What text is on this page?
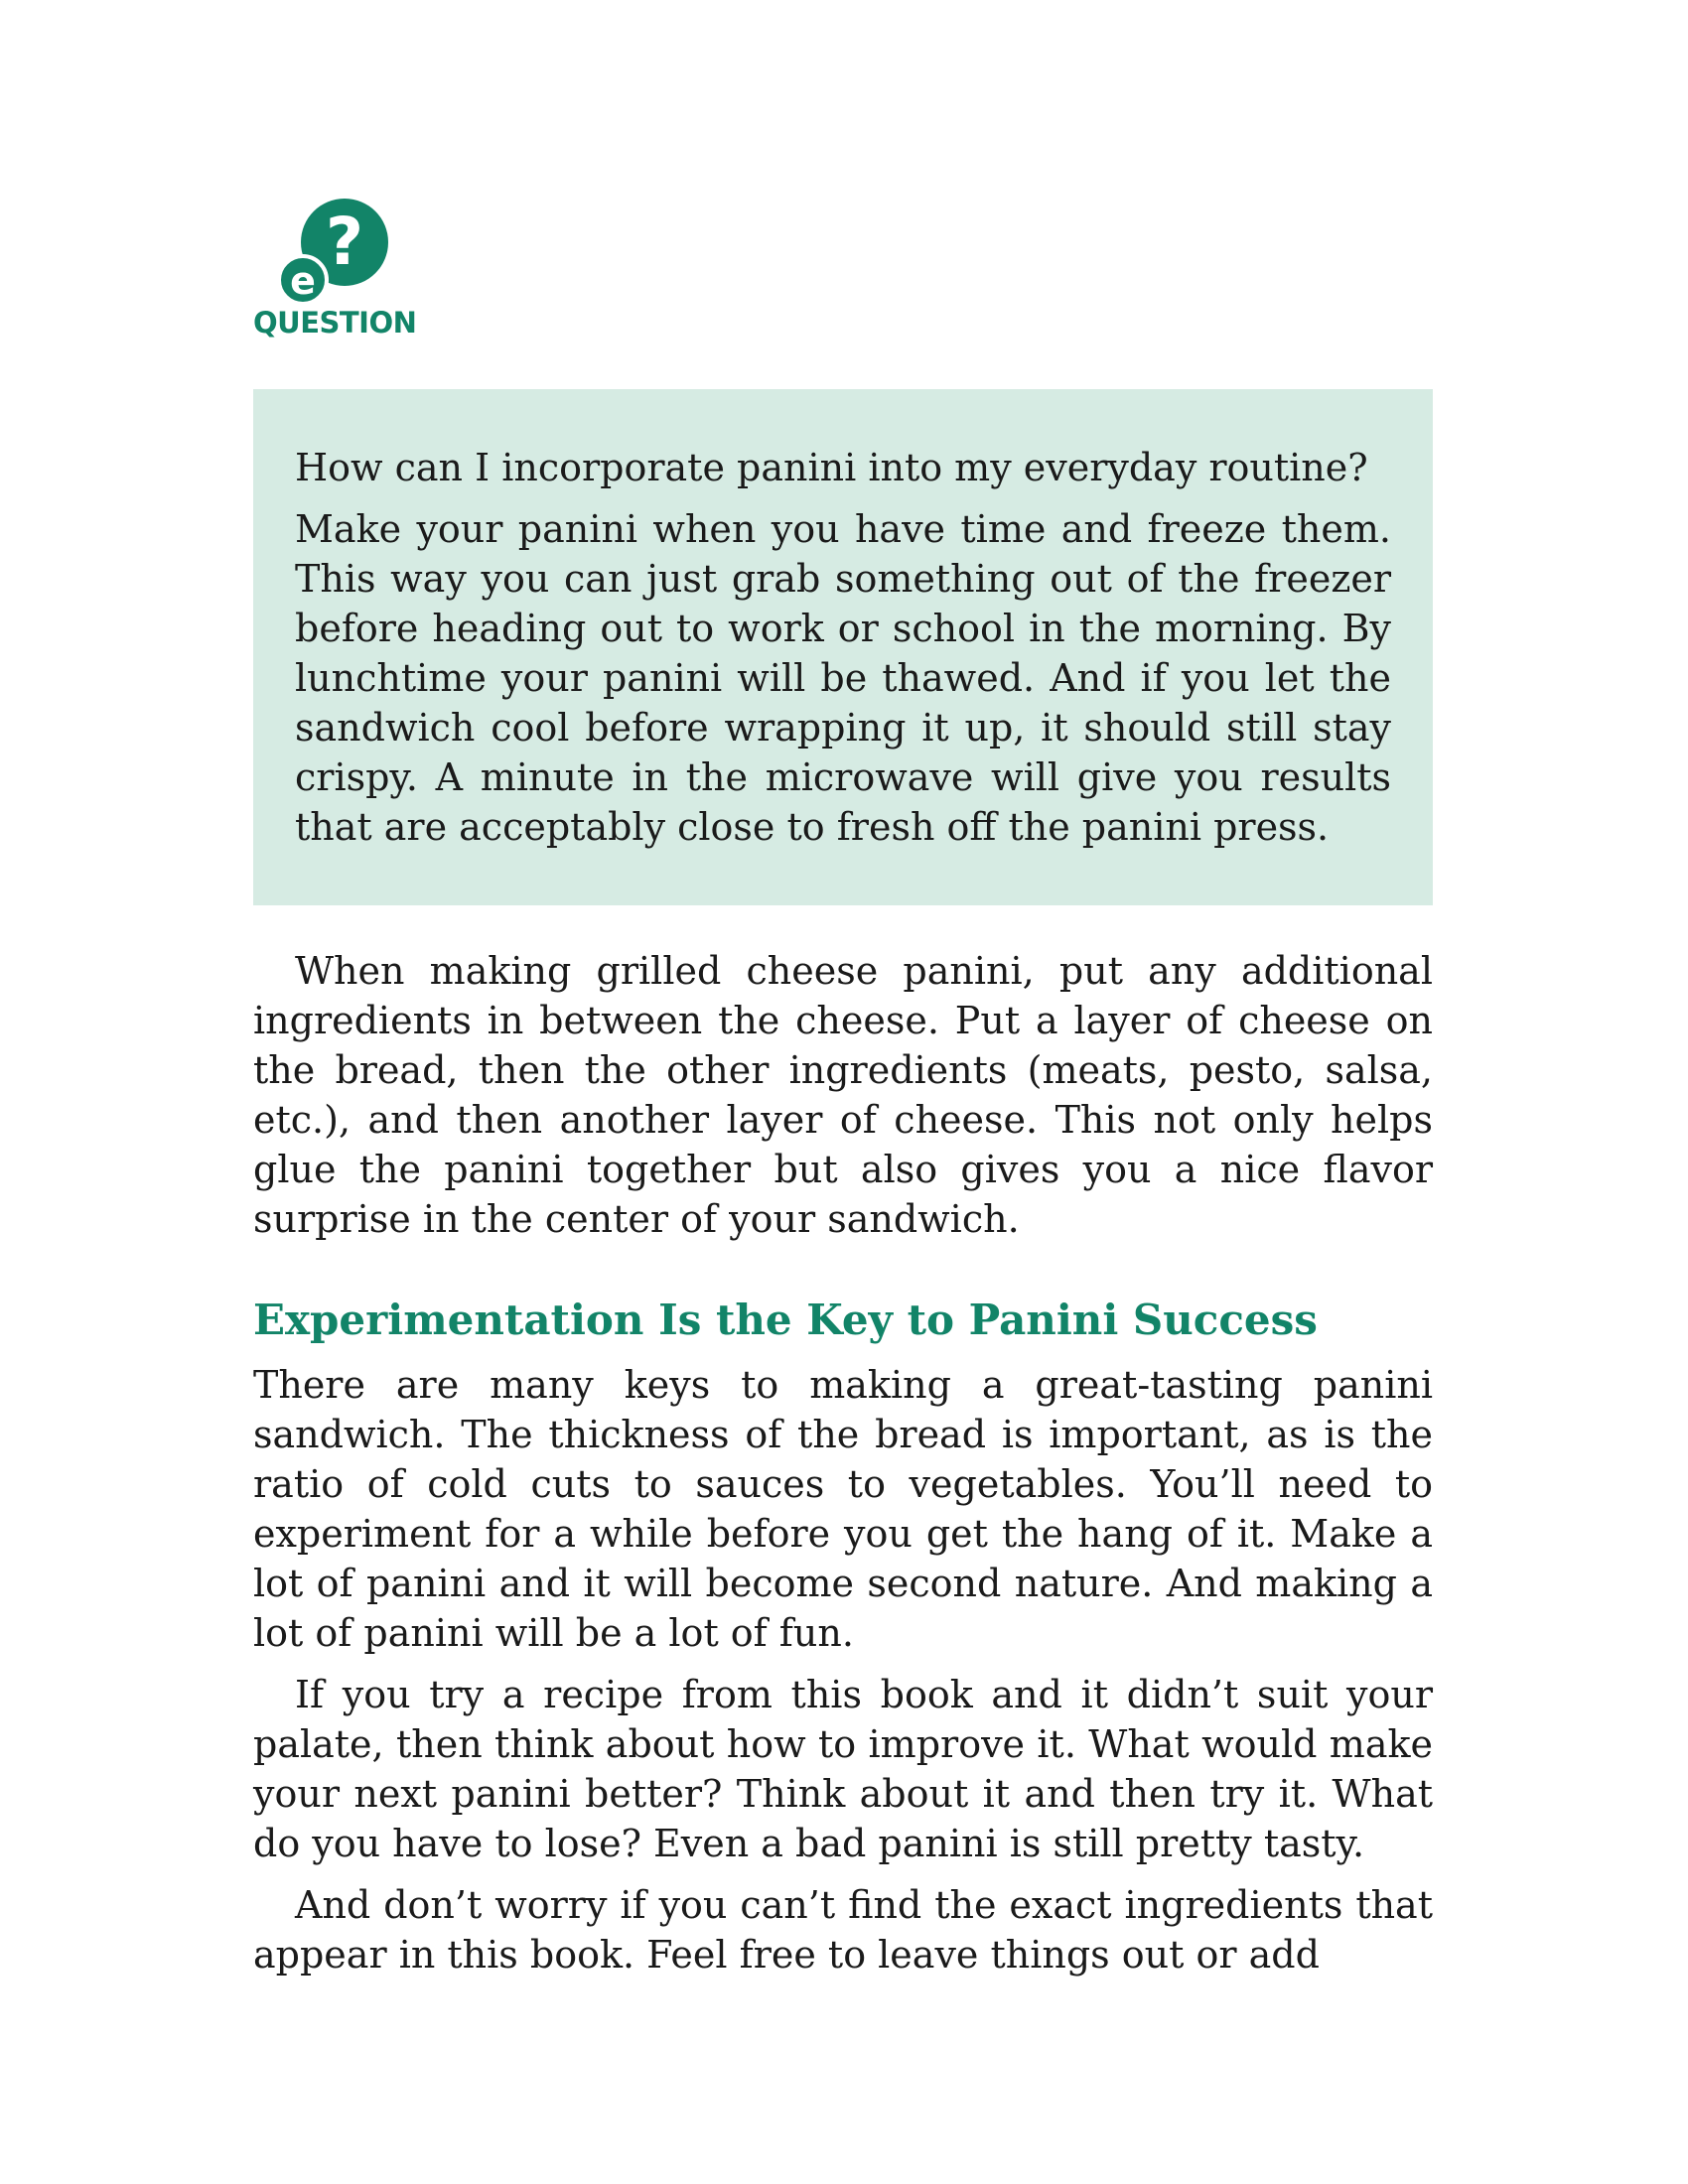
?
e
QUESTION

How can I incorporate panini into my everyday routine?

Make your panini when you have time and freeze them. This way you can just grab something out of the freezer before heading out to work or school in the morning. By lunchtime your panini will be thawed. And if you let the sandwich cool before wrapping it up, it should still stay crispy. A minute in the microwave will give you results that are acceptably close to fresh off the panini press.

When making grilled cheese panini, put any additional ingredients in between the cheese. Put a layer of cheese on the bread, then the other ingredients (meats, pesto, salsa, etc.), and then another layer of cheese. This not only helps glue the panini together but also gives you a nice flavor surprise in the center of your sandwich.

Experimentation Is the Key to Panini Success

There are many keys to making a great-tasting panini sandwich. The thickness of the bread is important, as is the ratio of cold cuts to sauces to vegetables. You’ll need to experiment for a while before you get the hang of it. Make a lot of panini and it will become second nature. And making a lot of panini will be a lot of fun.

If you try a recipe from this book and it didn’t suit your palate, then think about how to improve it. What would make your next panini better? Think about it and then try it. What do you have to lose? Even a bad panini is still pretty tasty.

And don’t worry if you can’t find the exact ingredients that appear in this book. Feel free to leave things out or add
